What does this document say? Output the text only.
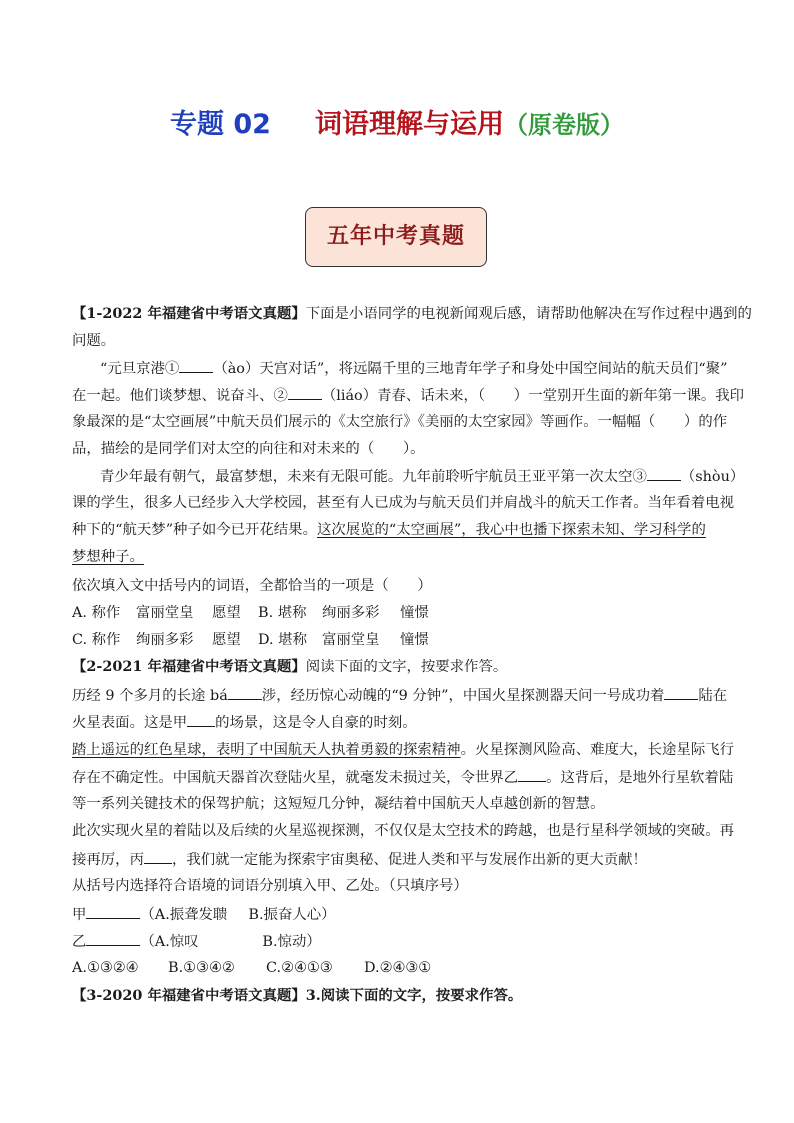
专题 02 词语理解与运用（原卷版）
五年中考真题
【1-2022 年福建省中考语文真题】下面是小语同学的电视新闻观后感，请帮助他解决在写作过程中遇到的
问题。
“元旦京港① （ào）天宫对话”，将远隔千里的三地青年学子和身处中国空间站的航天员们“聚”
在一起。他们谈梦想、说奋斗、② （liáo）青春、话未来，（　　）一堂别开生面的新年第一课。我印
象最深的是“太空画展”中航天员们展示的《太空旅行》《美丽的太空家园》等画作。一幅幅（　　）的作
品，描绘的是同学们对太空的向往和对未来的（　　）。
青少年最有朝气，最富梦想，未来有无限可能。九年前聆听宇航员王亚平第一次太空③ （shòu）
课的学生，很多人已经步入大学校园，甚至有人已成为与航天员们并肩战斗的航天工作者。当年看着电视
种下的“航天梦”种子如今已开花结果。这次展览的“太空画展”，我心中也播下探索未知、学习科学的
梦想种子。
依次填入文中括号内的词语，全都恰当的一项是（　　）
A. 称作 富丽堂皇 愿望 B. 堪称 绚丽多彩 憧憬
C. 称作 绚丽多彩 愿望 D. 堪称 富丽堂皇 憧憬
【2-2021 年福建省中考语文真题】阅读下面的文字，按要求作答。
历经 9 个多月的长途 bá 涉，经历惊心动魄的“9 分钟”，中国火星探测器天问一号成功着 陆在
火星表面。这是甲 的场景，这是令人自豪的时刻。
踏上遥远的红色星球，表明了中国航天人执着勇毅的探索精神。火星探测风险高、难度大，长途星际飞行
存在不确定性。中国航天器首次登陆火星，就毫发未损过关，令世界乙 。这背后，是地外行星软着陆
等一系列关键技术的保驾护航；这短短几分钟，凝结着中国航天人卓越创新的智慧。
此次实现火星的着陆以及后续的火星巡视探测，不仅仅是太空技术的跨越，也是行星科学领域的突破。再
接再厉，丙 ，我们就一定能为探索宇宙奥秘、促进人类和平与发展作出新的更大贡献！
从括号内选择符合语境的词语分别填入甲、乙处。（只填序号）
甲	（A.振聋发聩 B.振奋人心）
乙	（A.惊叹	B.惊动）
A.①③②④ B.①③④② C.②④①③ D.②④③①
【3-2020 年福建省中考语文真题】3.阅读下面的文字，按要求作答。
